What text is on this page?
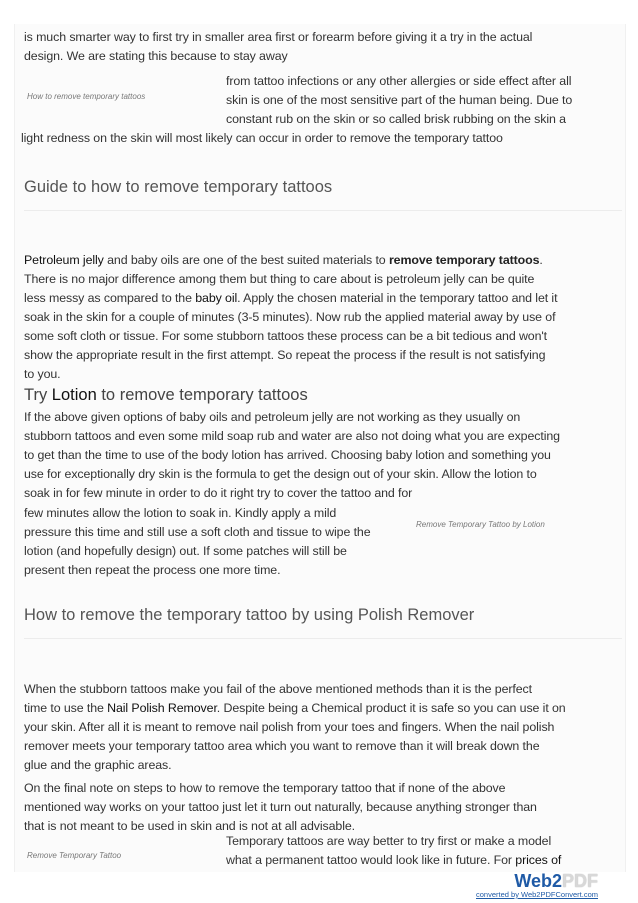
is much smarter way to first try in smaller area first or forearm before giving it a try in the actual

design. We are stating this because to stay away

How to remove temporary tattoos

from tattoo infections or any other allergies or side effect after all

skin is one of the most sensitive part of the human being. Due to

constant rub on the skin or so called brisk rubbing on the skin a

light redness on the skin will most likely can occur in order to remove the temporary tattoo

Guide to how to remove temporary tattoos

Petroleum jelly and baby oils are one of the best suited materials to remove temporary tattoos.

There is no major difference among them but thing to care about is petroleum jelly can be quite

less messy as compared to the baby oil. Apply the chosen material in the temporary tattoo and let it

soak in the skin for a couple of minutes (3-5 minutes). Now rub the applied material away by use of

some soft cloth or tissue. For some stubborn tattoos these process can be a bit tedious and won't

show the appropriate result in the first attempt. So repeat the process if the result is not satisfying

to you.

Try Lotion to remove temporary tattoos

If the above given options of baby oils and petroleum jelly are not working as they usually on

stubborn tattoos and even some mild soap rub and water are also not doing what you are expecting

to get than the time to use of the body lotion has arrived. Choosing baby lotion and something you

use for exceptionally dry skin is the formula to get the design out of your skin. Allow the lotion to

soak in for few minute in order to do it right try to cover the tattoo and for

few minutes allow the lotion to soak in. Kindly apply a mild

pressure this time and still use a soft cloth and tissue to wipe the

lotion (and hopefully design) out. If some patches will still be

present then repeat the process one more time.

Remove Temporary Tattoo by Lotion
How to remove the temporary tattoo by using Polish Remover

When the stubborn tattoos make you fail of the above mentioned methods than it is the perfect

time to use the Nail Polish Remover. Despite being a Chemical product it is safe so you can use it on

your skin. After all it is meant to remove nail polish from your toes and fingers. When the nail polish

remover meets your temporary tattoo area which you want to remove than it will break down the

glue and the graphic areas.

On the final note on steps to how to remove the temporary tattoo that if none of the above

mentioned way works on your tattoo just let it turn out naturally, because anything stronger than

that is not meant to be used in skin and is not at all advisable.

Remove Temporary Tattoo

Temporary tattoos are way better to try first or make a model

what a permanent tattoo would look like in future. For prices of

Web2PDF
converted by Web2PDFConvert.com
